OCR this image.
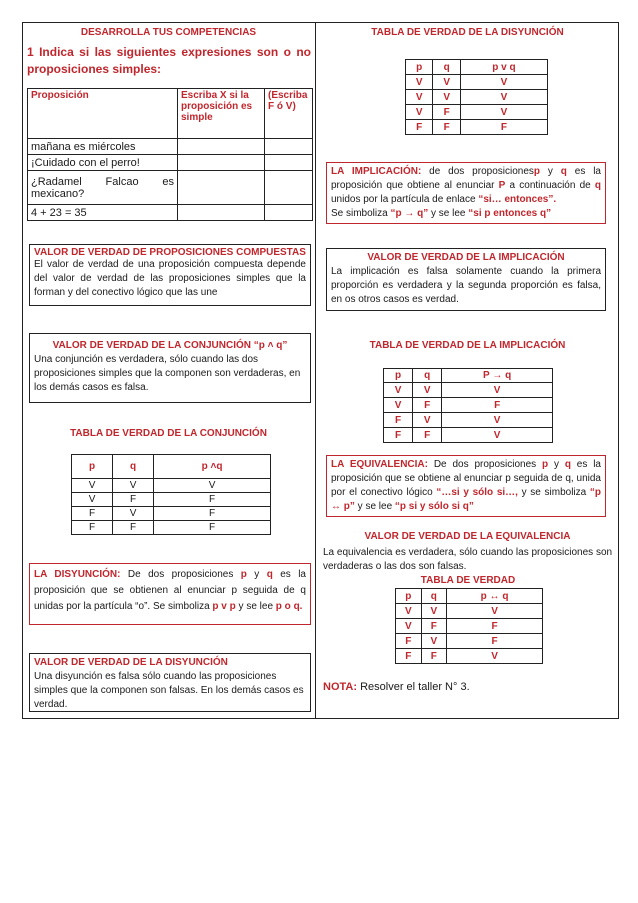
DESARROLLA TUS COMPETENCIAS
1 Indica si las siguientes expresiones son o no proposiciones simples:
Proposición	Escriba X si la proposición es simple	(Escriba F ó V)
mañana es miércoles		
¡Cuidado con el perro!		
¿Radamel Falcao es mexicano?		
4 + 23 = 35		
VALOR DE VERDAD DE PROPOSICIONES COMPUESTAS
El valor de verdad de una proposición compuesta depende del valor de verdad de las proposiciones simples que la forman y del conectivo lógico que las une
VALOR DE VERDAD DE LA CONJUNCIÓN “p ˄ q”
Una conjunción es verdadera, sólo cuando las dos proposiciones simples que la componen son verdaderas, en los demás casos es falsa.
TABLA DE VERDAD DE LA CONJUNCIÓN
p	q	p ˄q
V	V	V
V	F	F
F	V	F
F	F	F
LA DISYUNCIÓN: De dos proposiciones p y q es la proposición que se obtienen al enunciar p seguida de q unidas por la partícula “o”. Se simboliza p v p y se lee p o q.
VALOR DE VERDAD DE LA DISYUNCIÓN
Una disyunción es falsa sólo cuando las proposiciones simples que la componen son falsas. En los demás casos es verdad.
TABLA DE VERDAD DE LA DISYUNCIÓN
p	q	p v q
V	V	V
V	V	V
V	F	V
F	F	F
LA IMPLICACIÓN: de dos proposicionesp y q es la proposición que obtiene al enunciar P a continuación de q unidos por la partícula de enlace “si… entonces”.
Se simboliza “p → q” y se lee “si p entonces q”
VALOR DE VERDAD DE LA IMPLICACIÓN
La implicación es falsa solamente cuando la primera proporción es verdadera y la segunda proporción es falsa, en os otros casos es verdad.
TABLA DE VERDAD DE LA IMPLICACIÓN
p	q	P → q
V	V	V
V	F	F
F	V	V
F	F	V
LA EQUIVALENCIA: De dos proposiciones p y q es la proposición que se obtiene al enunciar p seguida de q, unida por el conectivo lógico “…si y sólo si…, y se simboliza “p ↔ p” y se lee “p si y sólo si q”
VALOR DE VERDAD DE LA EQUIVALENCIA
La equivalencia es verdadera, sólo cuando las proposiciones son verdaderas o las dos son falsas.
TABLA DE VERDAD
p	q	p ↔ q
V	V	V
V	F	F
F	V	F
F	F	V
NOTA: Resolver el taller N° 3.
